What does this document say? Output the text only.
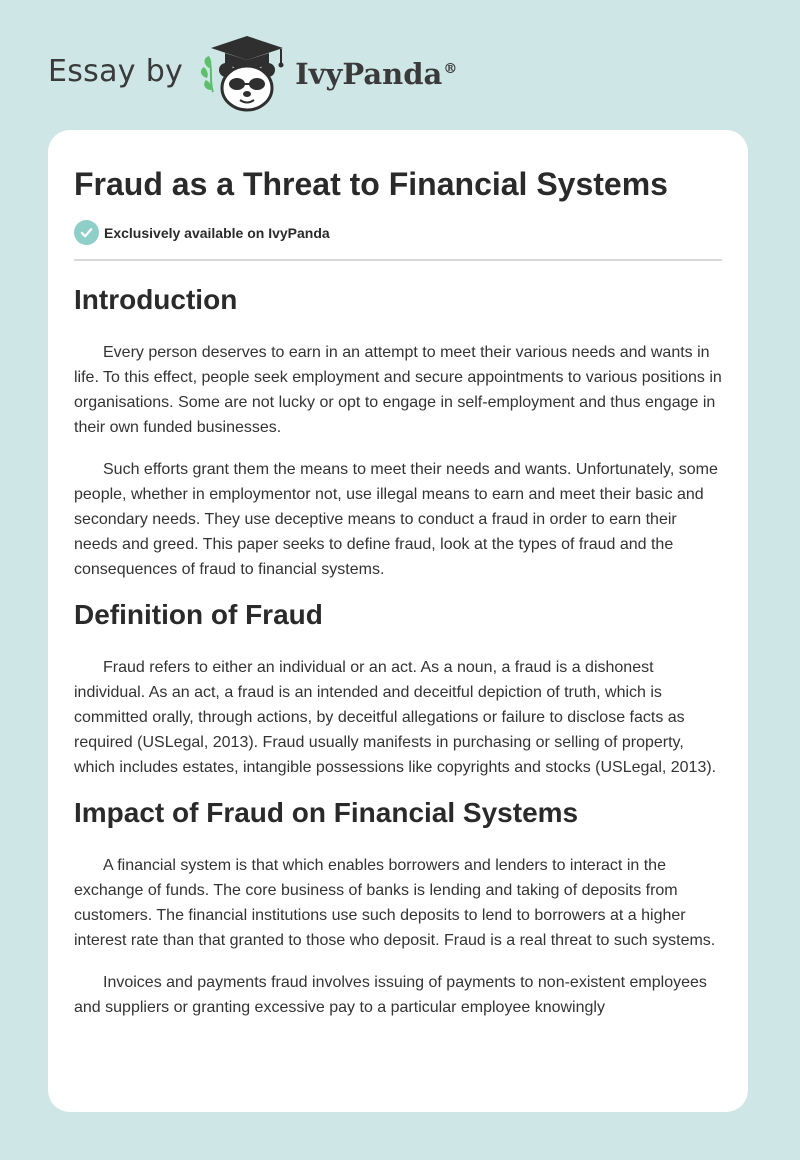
Essay by	IvyPanda®
Fraud as a Threat to Financial Systems
Exclusively available on IvyPanda
Introduction

Every person deserves to earn in an attempt to meet their various needs and wants in life. To this effect, people seek employment and secure appointments to various positions in organisations. Some are not lucky or opt to engage in self-employment and thus engage in their own funded businesses.

Such efforts grant them the means to meet their needs and wants. Unfortunately, some people, whether in employmentor not, use illegal means to earn and meet their basic and secondary needs. They use deceptive means to conduct a fraud in order to earn their needs and greed. This paper seeks to define fraud, look at the types of fraud and the consequences of fraud to financial systems.

Definition of Fraud

Fraud refers to either an individual or an act. As a noun, a fraud is a dishonest individual. As an act, a fraud is an intended and deceitful depiction of truth, which is committed orally, through actions, by deceitful allegations or failure to disclose facts as required (USLegal, 2013). Fraud usually manifests in purchasing or selling of property, which includes estates, intangible possessions like copyrights and stocks (USLegal, 2013).

Impact of Fraud on Financial Systems

A financial system is that which enables borrowers and lenders to interact in the exchange of funds. The core business of banks is lending and taking of deposits from customers. The financial institutions use such deposits to lend to borrowers at a higher interest rate than that granted to those who deposit. Fraud is a real threat to such systems.

Invoices and payments fraud involves issuing of payments to non-existent employees and suppliers or granting excessive pay to a particular employee knowingly
